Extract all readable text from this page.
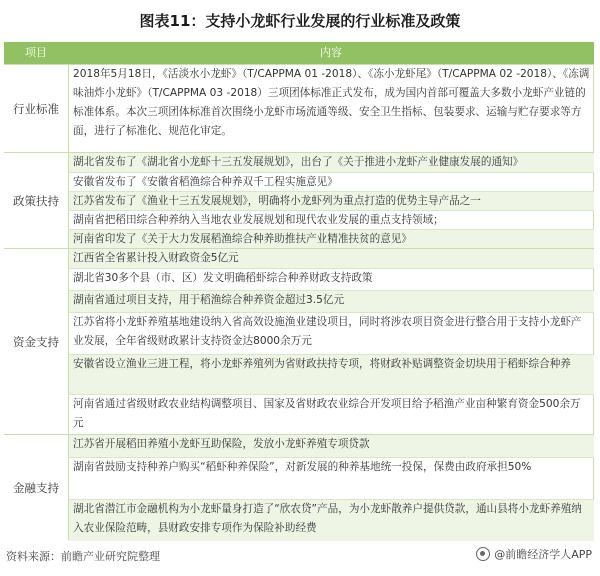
图表11：支持小龙虾行业发展的行业标准及政策
项目	内容
行业标准
2018年5月18日，《活淡水小龙虾》（T/CAPPMA 01 -2018）、《冻小龙虾尾》（T/CAPPMA 02 -2018）、《冻调味油炸小龙虾》（T/CAPPMA 03 -2018）三项团体标准正式发布，成为国内首部可覆盖大多数小龙虾产业链的标准体系。本次三项团体标准首次围绕小龙虾市场流通等级、安全卫生指标、包装要求、运输与贮存要求等方面，进行了标准化、规范化审定。
政策扶持
湖北省发布了《湖北省小龙虾十三五发展规划》，出台了《关于推进小龙虾产业健康发展的通知》
安徽省发布了《安徽省稻渔综合种养双千工程实施意见》
江苏省发布了《渔业十三五发展规划》，明确将小龙虾列为重点打造的优势主导产品之一
湖南省把稻田综合种养纳入当地农业发展规划和现代农业发展的重点支持领域；
河南省印发了《关于大力发展稻渔综合种养助推扶产业精准扶贫的意见》
资金支持
江西省全省累计投入财政资金5亿元
湖北省30多个县（市、区）发文明确稻虾综合种养财政支持政策
湖南省通过项目支持，用于稻渔综合种养资金超过3.5亿元
江苏省将小龙虾养殖基地建设纳入省高效设施渔业建设项目，同时将涉农项目资金进行整合用于支持小龙虾产业发展，全年省级财政累计支持资金达8000余万元
安徽省设立渔业三进工程，将小龙虾养殖列为省财政扶持专项，将财政补贴调整资金切块用于稻虾综合种养
河南省通过省级财政农业结构调整项目、国家及省财政农业综合开发项目给予稻渔产业亩种繁育资金500余万元
金融支持
江苏省开展稻田养殖小龙虾互助保险，发放小龙虾养殖专项贷款
湖南省鼓励支持种养户购买“稻虾种养保险”，对新发展的种养基地统一投保，保费由政府承担50%
湖北省潜江市金融机构为小龙虾量身打造了“欣农贷”产品，为小龙虾散养户提供贷款，通山县将小龙虾养殖纳入农业保险范畴，县财政安排专项作为保险补助经费
资料来源：前瞻产业研究院整理	@前瞻经济学人APP
